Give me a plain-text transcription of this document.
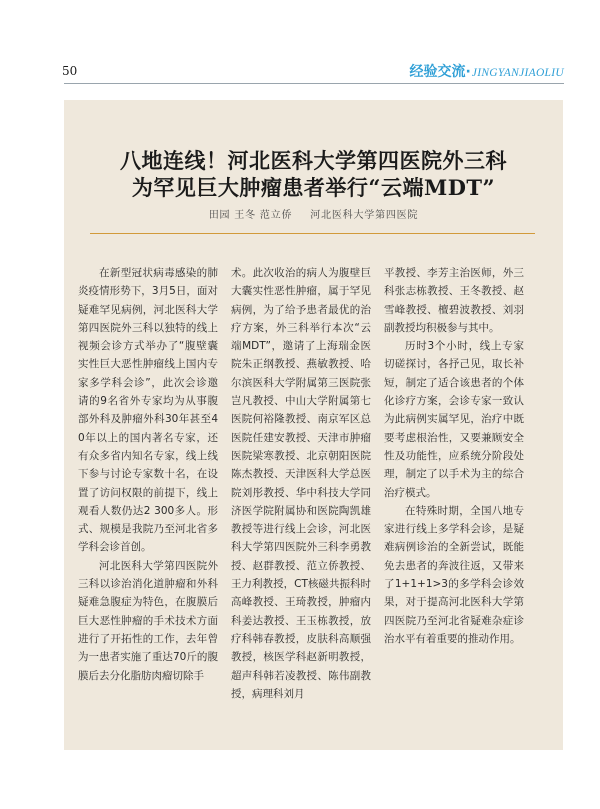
50	经验交流· JINGYANJIAOLIU
八地连线！河北医科大学第四医院外三科
为罕见巨大肿瘤患者举行“云端MDT”
田园 王冬 范立侨 河北医科大学第四医院

在新型冠状病毒感染的肺炎疫情形势下，3月5日，面对疑难罕见病例，河北医科大学第四医院外三科以独特的线上视频会诊方式举办了“腹壁囊实性巨大恶性肿瘤线上国内专家多学科会诊”，此次会诊邀请的9名省外专家均为从事腹部外科及肿瘤外科30年甚至40年以上的国内著名专家，还有众多省内知名专家，线上线下参与讨论专家数十名，在设置了访问权限的前提下，线上观看人数仍达2 300多人。形式、规模是我院乃至河北省多学科会诊首创。

河北医科大学第四医院外三科以诊治消化道肿瘤和外科疑难急腹症为特色，在腹膜后巨大恶性肿瘤的手术技术方面进行了开拓性的工作，去年曾为一患者实施了重达70斤的腹膜后去分化脂肪肉瘤切除手

术。此次收治的病人为腹壁巨大囊实性恶性肿瘤，属于罕见病例，为了给予患者最优的治疗方案，外三科举行本次“云端MDT”，邀请了上海瑞金医院朱正纲教授、燕敏教授、哈尔滨医科大学附属第三医院张岂凡教授、中山大学附属第七医院何裕隆教授、南京军区总医院任建安教授、天津市肿瘤医院梁寒教授、北京朝阳医院陈杰教授、天津医科大学总医院刘彤教授、华中科技大学同济医学院附属协和医院陶凯雄教授等进行线上会诊，河北医科大学第四医院外三科李勇教授、赵群教授、范立侨教授、王力利教授，CT核磁共振科时高峰教授、王琦教授，肿瘤内科姜达教授、王玉栋教授，放疗科韩春教授，皮肤科高顺强教授，核医学科赵新明教授，超声科韩若凌教授、陈伟副教授，病理科刘月

平教授、李芳主治医师，外三科张志栋教授、王冬教授、赵雪峰教授、檀碧波教授、刘羽副教授均积极参与其中。

历时3个小时，线上专家切磋探讨，各抒己见，取长补短，制定了适合该患者的个体化诊疗方案，会诊专家一致认为此病例实属罕见，治疗中既要考虑根治性，又要兼顾安全性及功能性，应系统分阶段处理，制定了以手术为主的综合治疗模式。

在特殊时期，全国八地专家进行线上多学科会诊，是疑难病例诊治的全新尝试，既能免去患者的奔波往返，又带来了1+1+1>3的多学科会诊效果，对于提高河北医科大学第四医院乃至河北省疑难杂症诊治水平有着重要的推动作用。
